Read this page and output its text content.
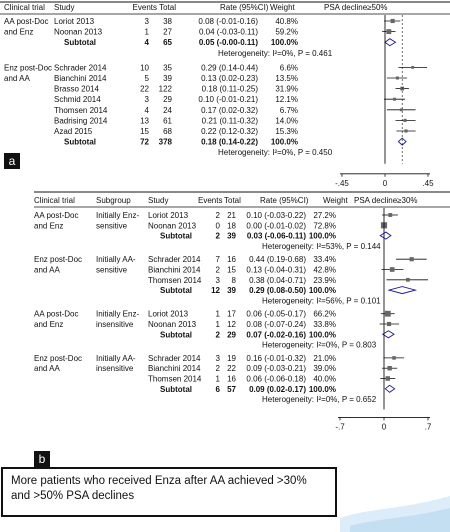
Clinical trial Study	Events Total	Rate (95%CI) Weight	PSA decline≥50%
AA post-Doc
and Enz
Loriot 2013	3 38	0.08 (-0.01-0.16) 40.8%
Noonan 2013	1 27	0.04 (-0.03-0.11) 59.2%
Subtotal	4 65	0.05 (-0.00-0.11) 100.0%
Heterogeneity: I²=0%, P = 0.461
Enz post-Doc
and AA
Schrader 2014	10 35	0.29 (0.14-0.44)	6.6%
Bianchini 2014	5 39	0.13 (0.02-0.23) 13.5%
Brasso 2014	22 122	0.18 (0.11-0.25) 31.9%
Schmid 2014	3 29	0.10 (-0.01-0.21) 12.1%
Thomsen 2014	4 24	0.17 (0.02-0.32)	6.7%
Badrising 2014	13 61	0.21 (0.11-0.32) 14.0%
Azad 2015	15 68	0.22 (0.12-0.32) 15.3%
Subtotal	72 378	0.18 (0.14-0.22) 100.0%
Heterogeneity: I²=0%, P = 0.450
-.45	0	.45
Clinical trial	Subgroup Study	Events Total Rate (95%CI) Weight PSA decline≥30%
AA post-Doc
and Enz
Initially Enz-
sensitive
Loriot 2013	2 21 0.10 (-0.03-0.22) 27.2%
Noonan 2013 0 18 0.00 (-0.01-0.02) 72.8%
Subtotal	2 39 0.03 (-0.06-0.11) 100.0%
Heterogeneity: I²=53%, P = 0.144
Enz post-Doc
and AA
Initially AA-
sensitive
Schrader 2014 7 16 0.44 (0.19-0.68) 33.4%
Bianchini 2014 2 15 0.13 (-0.04-0.31) 42.8%
Thomsen 2014 3 8 0.38 (0.04-0.71) 23.9%
Subtotal 12 39 0.29 (0.08-0.50) 100.0%
Heterogeneity: I²=56%, P = 0.101
AA post-Doc
and Enz
Initially Enz-
insensitive
Loriot 2013	1 17 0.06 (-0.05-0.17) 66.2%
Noonan 2013 1 12 0.08 (-0.07-0.24) 33.8%
Subtotal	2 29 0.07 (-0.02-0.16) 100.0%
Heterogeneity: I²=0%, P = 0.803
Enz post-Doc
and AA
Initially AA-
insensitive
Schrader 2014 3 19 0.16 (-0.01-0.32) 21.0%
Bianchini 2014 2 22 0.09 (-0.03-0.21) 39.0%
Thomsen 2014 1 16 0.06 (-0.06-0.18) 40.0%
Subtotal	6 57 0.09 (0.02-0.17) 100.0%
Heterogeneity: I²=0%, P = 0.652
-.7	0	.7
a
b
More patients who received Enza after AA achieved >30% and >50% PSA declines
